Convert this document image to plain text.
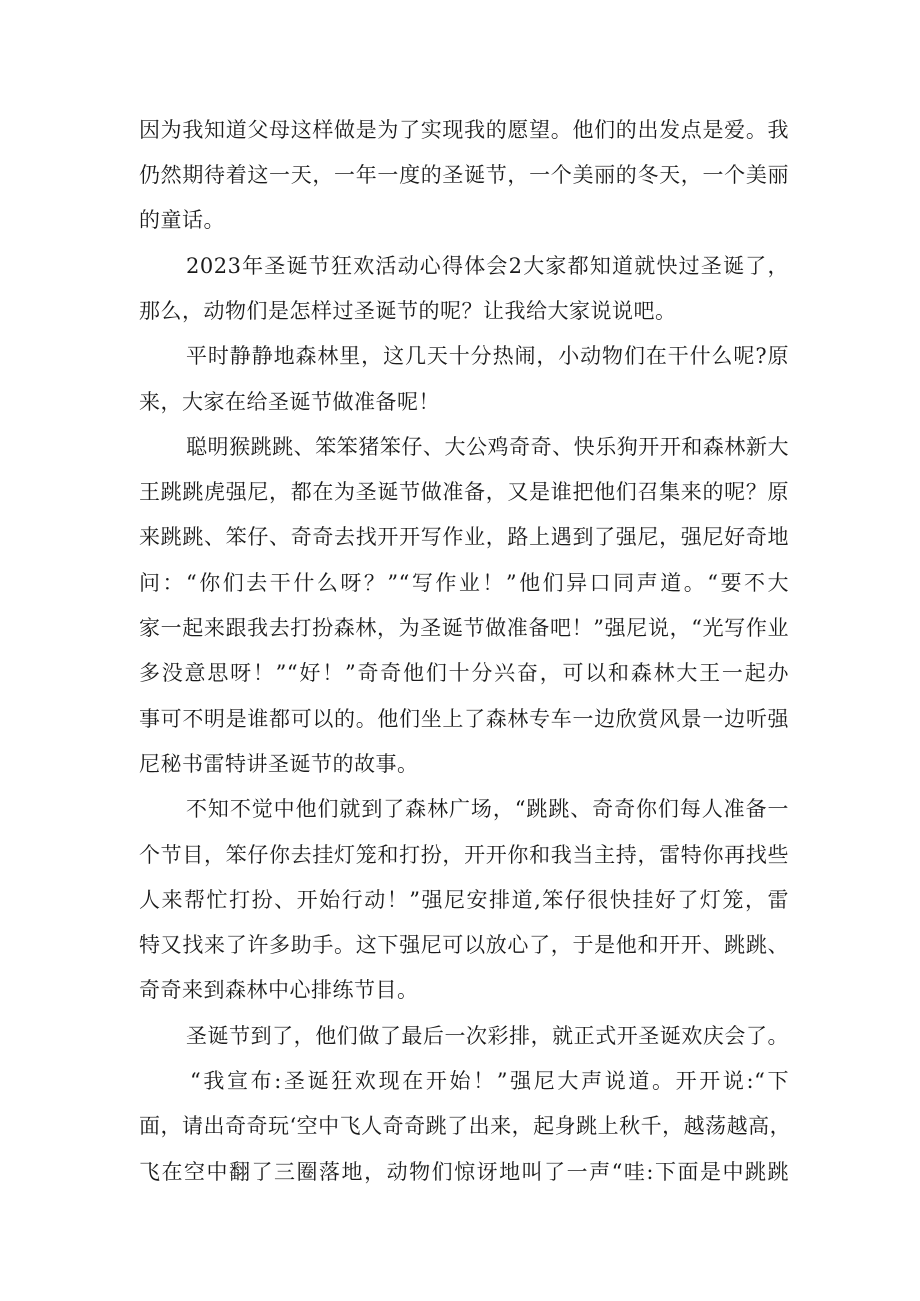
因为我知道父母这样做是为了实现我的愿望。他们的出发点是爱。我
仍然期待着这一天，一年一度的圣诞节，一个美丽的冬天，一个美丽
的童话。
2023年圣诞节狂欢活动心得体会2大家都知道就快过圣诞了，
那么，动物们是怎样过圣诞节的呢？让我给大家说说吧。
平时静静地森林里，这几天十分热闹，小动物们在干什么呢?原
来，大家在给圣诞节做准备呢！
聪明猴跳跳、笨笨猪笨仔、大公鸡奇奇、快乐狗开开和森林新大
王跳跳虎强尼，都在为圣诞节做准备，又是谁把他们召集来的呢？原
来跳跳、笨仔、奇奇去找开开写作业，路上遇到了强尼，强尼好奇地
问：“你们去干什么呀？”“写作业！”他们异口同声道。“要不大
家一起来跟我去打扮森林，为圣诞节做准备吧！”强尼说，“光写作业
多没意思呀！”“好！”奇奇他们十分兴奋，可以和森林大王一起办
事可不明是谁都可以的。他们坐上了森林专车一边欣赏风景一边听强
尼秘书雷特讲圣诞节的故事。
不知不觉中他们就到了森林广场，“跳跳、奇奇你们每人准备一
个节目，笨仔你去挂灯笼和打扮，开开你和我当主持，雷特你再找些
人来帮忙打扮、开始行动！”强尼安排道,笨仔很快挂好了灯笼，雷
特又找来了许多助手。这下强尼可以放心了，于是他和开开、跳跳、
奇奇来到森林中心排练节目。
圣诞节到了，他们做了最后一次彩排，就正式开圣诞欢庆会了。
“我宣布:圣诞狂欢现在开始！”强尼大声说道。开开说:“下
面，请出奇奇玩‘空中飞人奇奇跳了出来，起身跳上秋千，越荡越高，
飞在空中翻了三圈落地，动物们惊讶地叫了一声“哇:下面是中跳跳
